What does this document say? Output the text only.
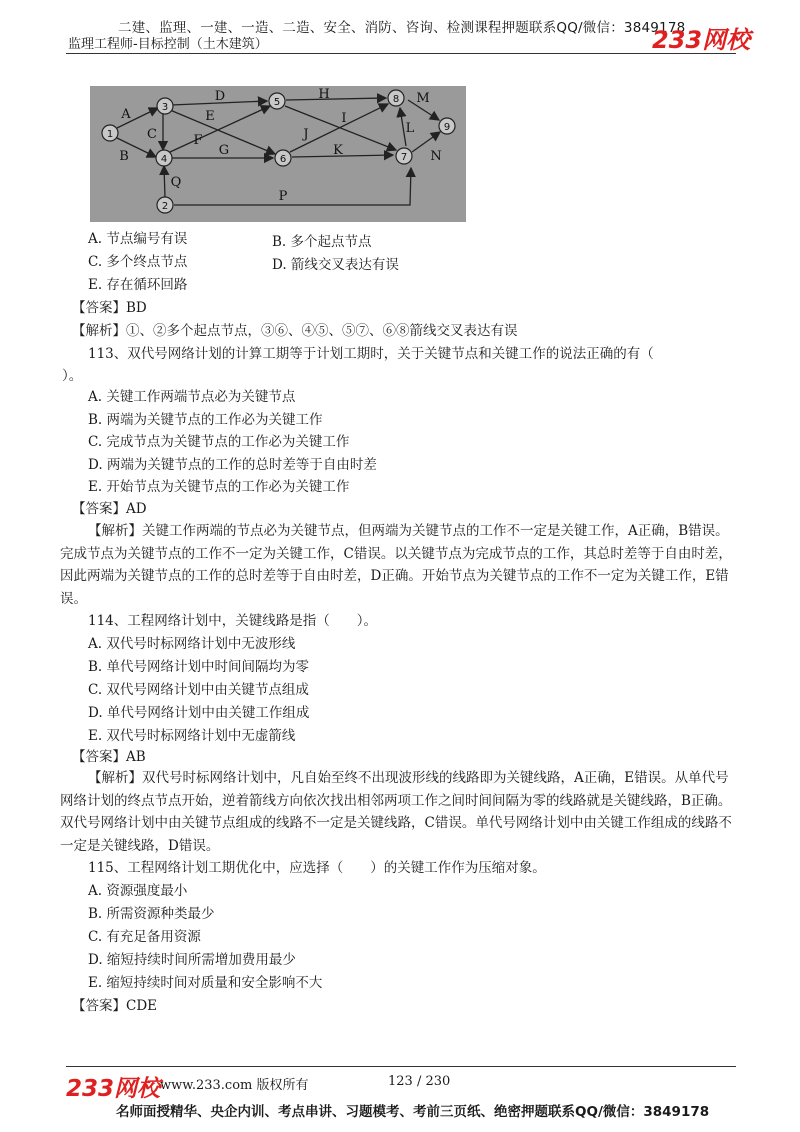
二建、监理、一建、一造、二造、安全、消防、咨询、检测课程押题联系QQ/微信：3849178
监理工程师-目标控制（土木建筑）	233网校
1
2
3
4
5
6	7
8
9
A
B
C
D
E
F
G
H
I
J
K
L
M
N
P
Q
A. 节点编号有误	B. 多个起点节点
C. 多个终点节点	D. 箭线交叉表达有误
E. 存在循环回路
【答案】BD
【解析】①、②多个起点节点，③⑥、④⑤、⑤⑦、⑥⑧箭线交叉表达有误
113、双代号网络计划的计算工期等于计划工期时，关于关键节点和关键工作的说法正确的有（
）。
A. 关键工作两端节点必为关键节点
B. 两端为关键节点的工作必为关键工作
C. 完成节点为关键节点的工作必为关键工作
D. 两端为关键节点的工作的总时差等于自由时差
E. 开始节点为关键节点的工作必为关键工作
【答案】AD
【解析】关键工作两端的节点必为关键节点，但两端为关键节点的工作不一定是关键工作，A正确，B错误。完成节点为关键节点的工作不一定为关键工作，C错误。以关键节点为完成节点的工作，其总时差等于自由时差，因此两端为关键节点的工作的总时差等于自由时差，D正确。开始节点为关键节点的工作不一定为关键工作，E错误。
114、工程网络计划中，关键线路是指（　　）。
A. 双代号时标网络计划中无波形线
B. 单代号网络计划中时间间隔均为零
C. 双代号网络计划中由关键节点组成
D. 单代号网络计划中由关键工作组成
E. 双代号时标网络计划中无虚箭线
【答案】AB
【解析】双代号时标网络计划中，凡自始至终不出现波形线的线路即为关键线路，A正确，E错误。从单代号网络计划的终点节点开始，逆着箭线方向依次找出相邻两项工作之间时间间隔为零的线路就是关键线路，B正确。双代号网络计划中由关键节点组成的线路不一定是关键线路，C错误。单代号网络计划中由关键工作组成的线路不一定是关键线路，D错误。
115、工程网络计划工期优化中，应选择（　　）的关键工作作为压缩对象。
A. 资源强度最小
B. 所需资源种类最少
C. 有充足备用资源
D. 缩短持续时间所需增加费用最少
E. 缩短持续时间对质量和安全影响不大
【答案】CDE
233网校 www.233.com 版权所有	123 / 230
名师面授精华、央企内训、考点串讲、习题模考、考前三页纸、绝密押题联系QQ/微信：3849178
